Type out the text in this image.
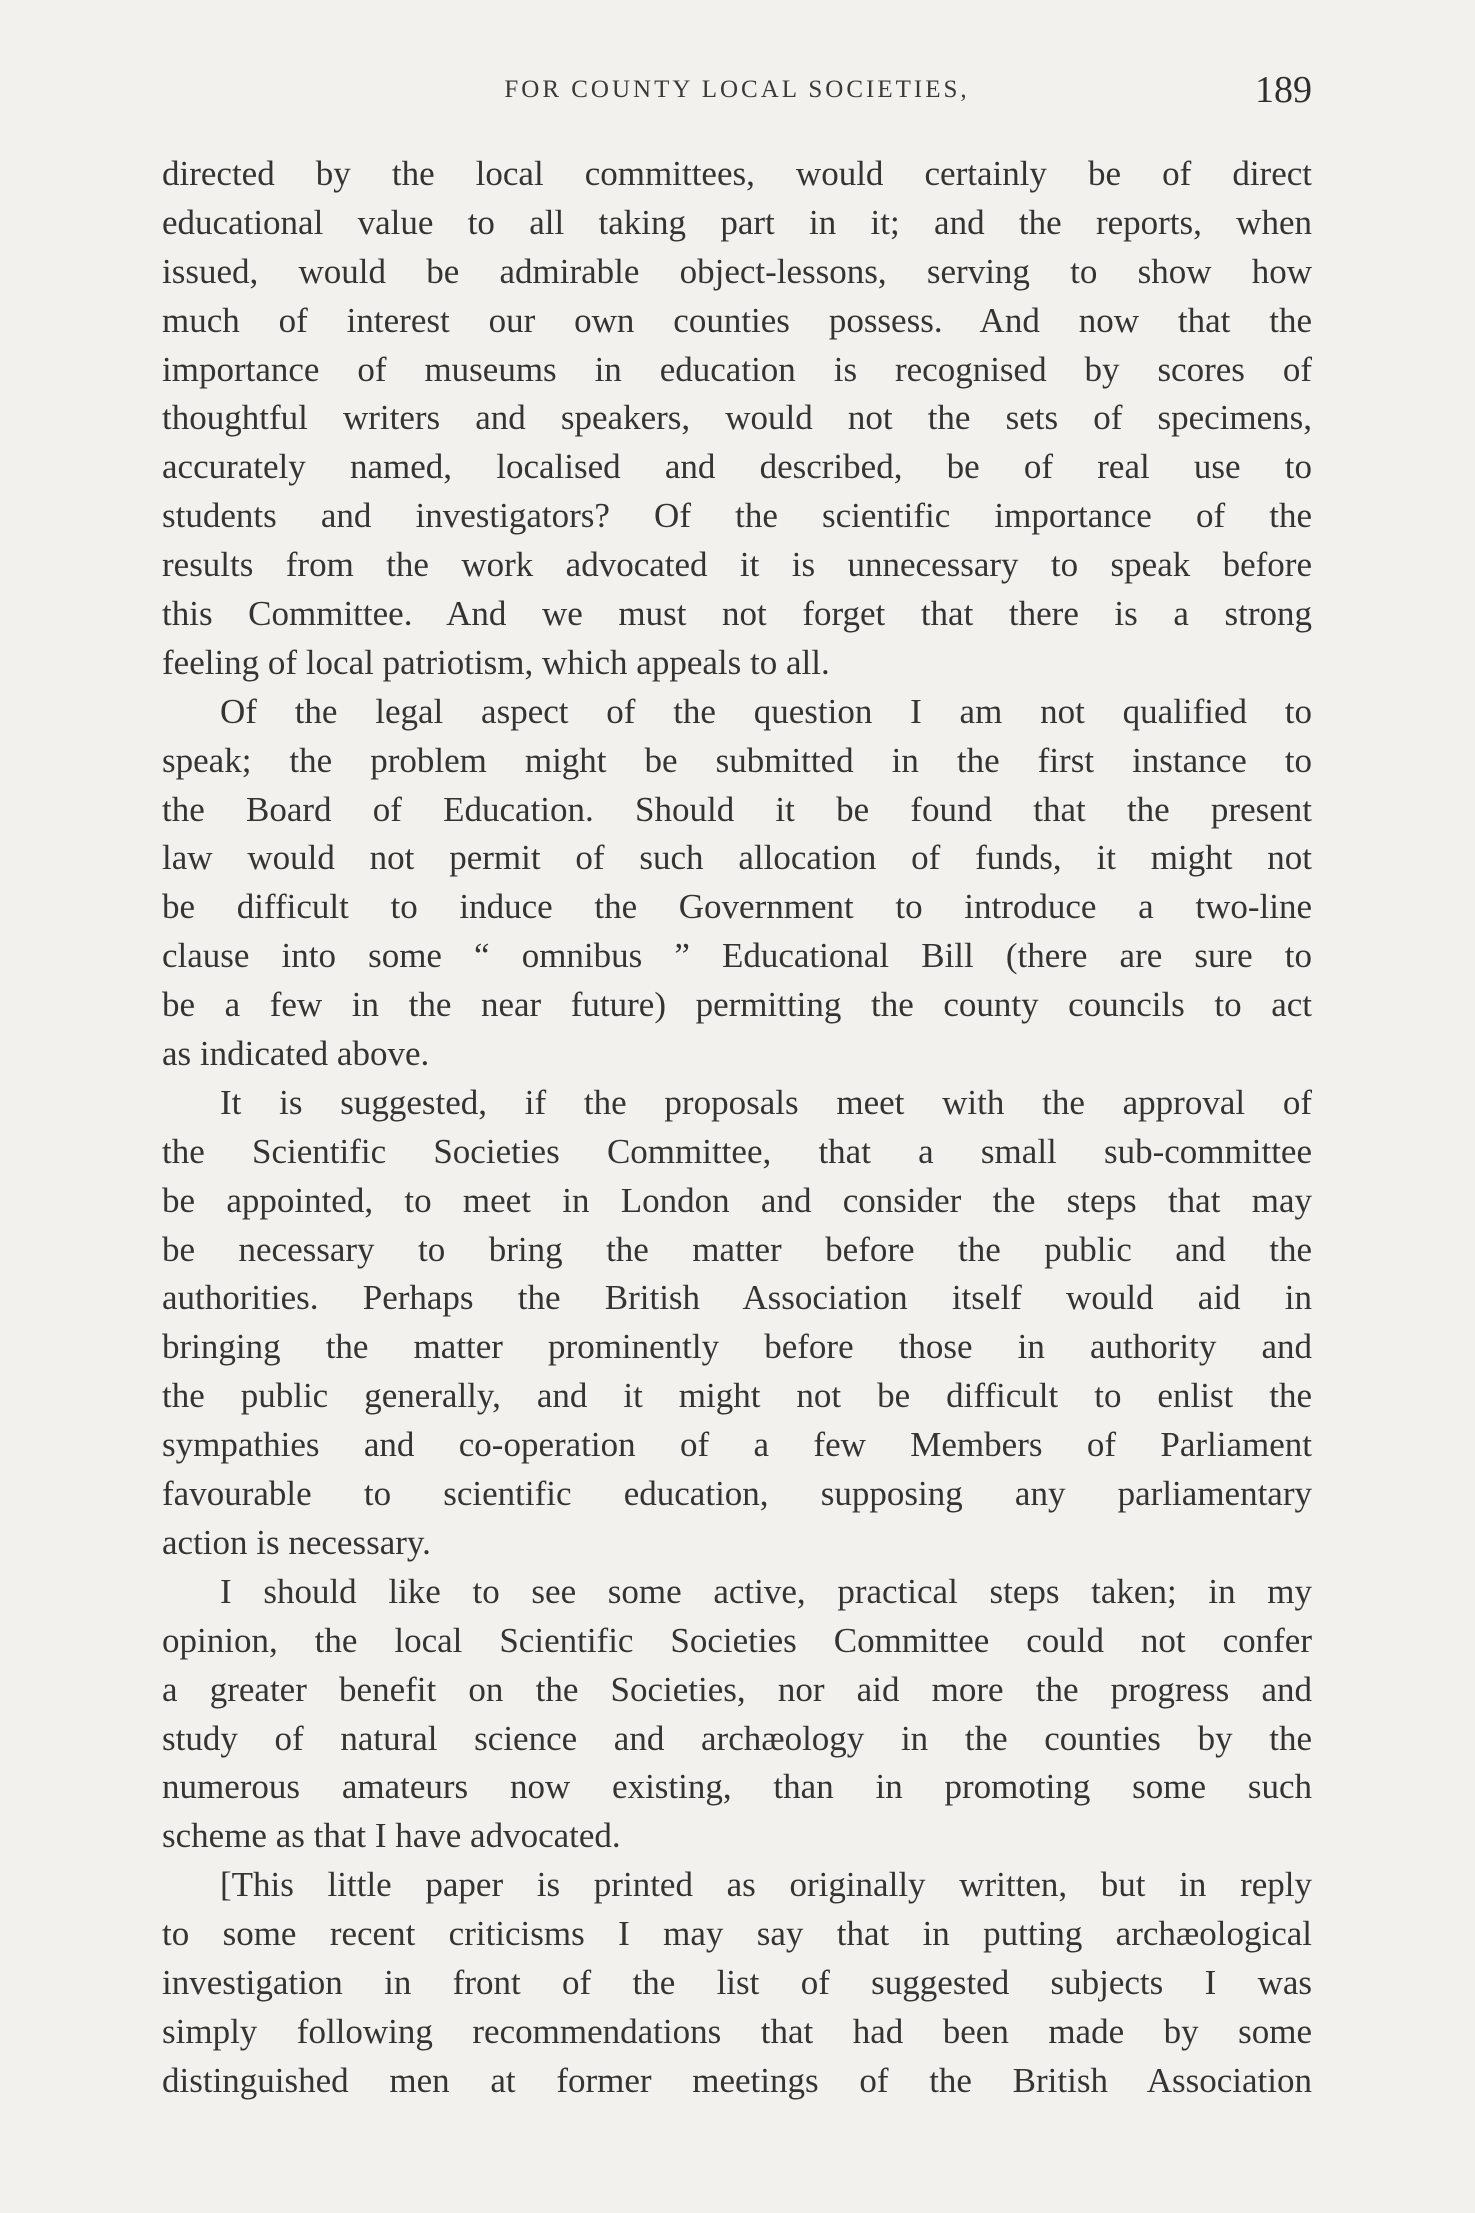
FOR COUNTY LOCAL SOCIETIES,	189
directed by the local committees, would certainly be of direct
educational value to all taking part in it; and the reports, when
issued, would be admirable object-lessons, serving to show how
much of interest our own counties possess. And now that the
importance of museums in education is recognised by scores of
thoughtful writers and speakers, would not the sets of specimens,
accurately named, localised and described, be of real use to
students and investigators? Of the scientific importance of the
results from the work advocated it is unnecessary to speak before
this Committee. And we must not forget that there is a strong
feeling of local patriotism, which appeals to all.
Of the legal aspect of the question I am not qualified to
speak; the problem might be submitted in the first instance to
the Board of Education. Should it be found that the present
law would not permit of such allocation of funds, it might not
be difficult to induce the Government to introduce a two-line
clause into some “ omnibus ” Educational Bill (there are sure to
be a few in the near future) permitting the county councils to act
as indicated above.
It is suggested, if the proposals meet with the approval of
the Scientific Societies Committee, that a small sub-committee
be appointed, to meet in London and consider the steps that may
be necessary to bring the matter before the public and the
authorities. Perhaps the British Association itself would aid in
bringing the matter prominently before those in authority and
the public generally, and it might not be difficult to enlist the
sympathies and co-operation of a few Members of Parliament
favourable to scientific education, supposing any parliamentary
action is necessary.
I should like to see some active, practical steps taken; in my
opinion, the local Scientific Societies Committee could not confer
a greater benefit on the Societies, nor aid more the progress and
study of natural science and archæology in the counties by the
numerous amateurs now existing, than in promoting some such
scheme as that I have advocated.
[This little paper is printed as originally written, but in reply
to some recent criticisms I may say that in putting archæological
investigation in front of the list of suggested subjects I was
simply following recommendations that had been made by some
distinguished men at former meetings of the British Association
